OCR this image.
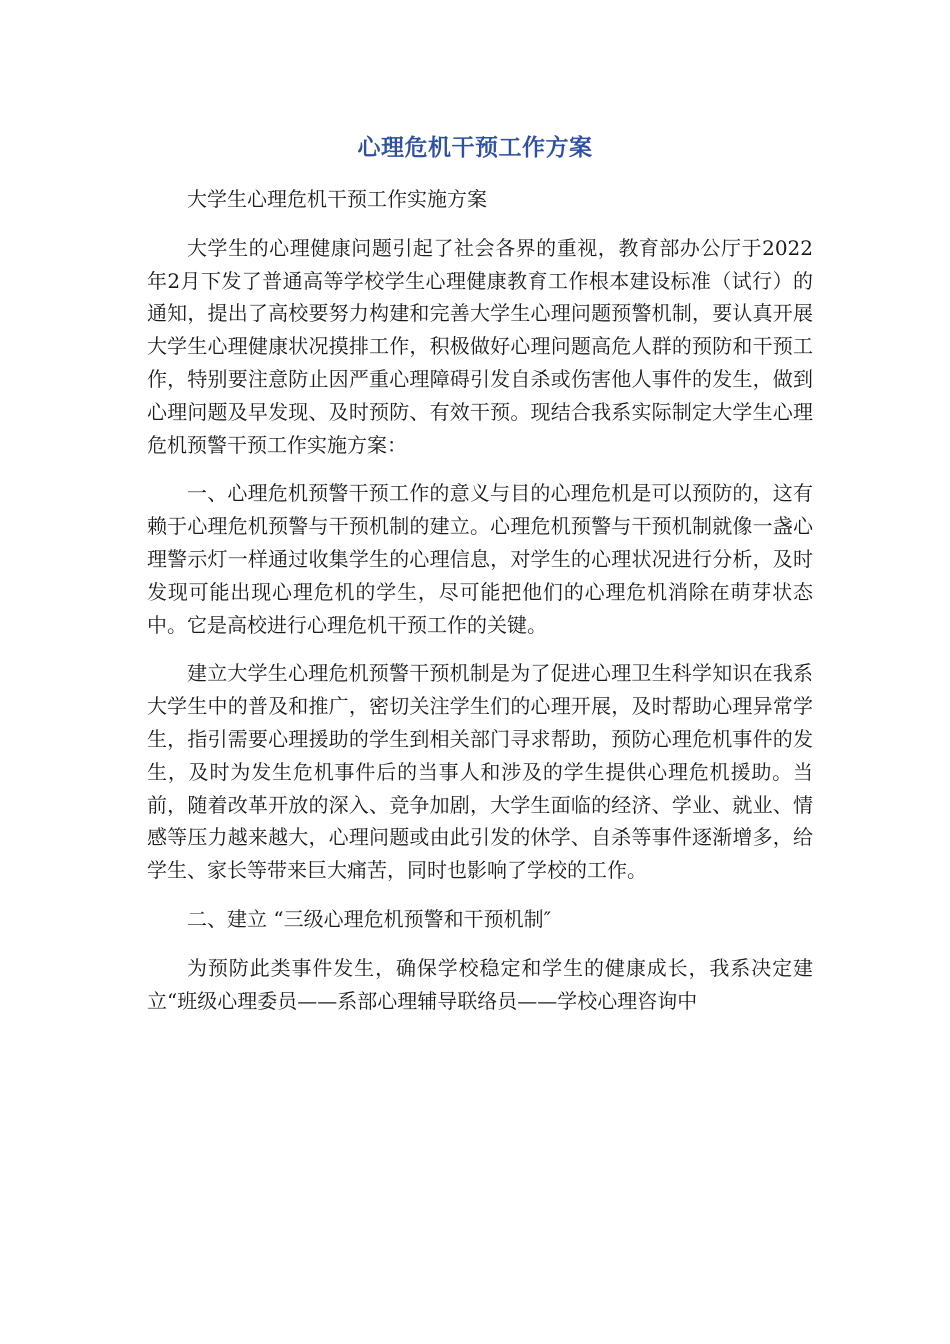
心理危机干预工作方案

大学生心理危机干预工作实施方案

大学生的心理健康问题引起了社会各界的重视，教育部办公厅于2022年2月下发了普通高等学校学生心理健康教育工作根本建设标准（试行）的通知，提出了高校要努力构建和完善大学生心理问题预警机制，要认真开展大学生心理健康状况摸排工作，积极做好心理问题高危人群的预防和干预工作，特别要注意防止因严重心理障碍引发自杀或伤害他人事件的发生，做到心理问题及早发现、及时预防、有效干预。现结合我系实际制定大学生心理危机预警干预工作实施方案：

一、心理危机预警干预工作的意义与目的心理危机是可以预防的，这有赖于心理危机预警与干预机制的建立。心理危机预警与干预机制就像一盏心理警示灯一样通过收集学生的心理信息，对学生的心理状况进行分析，及时发现可能出现心理危机的学生，尽可能把他们的心理危机消除在萌芽状态中。它是高校进行心理危机干预工作的关键。

建立大学生心理危机预警干预机制是为了促进心理卫生科学知识在我系大学生中的普及和推广，密切关注学生们的心理开展，及时帮助心理异常学生，指引需要心理援助的学生到相关部门寻求帮助，预防心理危机事件的发生，及时为发生危机事件后的当事人和涉及的学生提供心理危机援助。当前，随着改革开放的深入、竞争加剧，大学生面临的经济、学业、就业、情感等压力越来越大，心理问题或由此引发的休学、自杀等事件逐渐增多，给学生、家长等带来巨大痛苦，同时也影响了学校的工作。

二、建立 “三级心理危机预警和干预机制″

为预防此类事件发生，确保学校稳定和学生的健康成长，我系决定建立“班级心理委员——系部心理辅导联络员——学校心理咨询中
